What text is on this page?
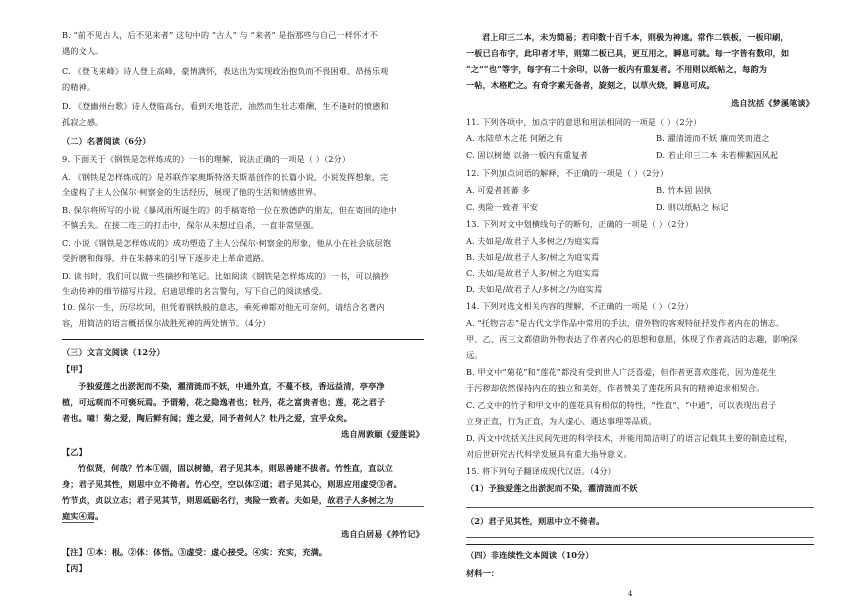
B. “前不见古人，后不见来者” 这句中的 “古人” 与 “来者” 是指那些与自己一样怀才不
遇的文人。
C. 《登飞来峰》诗人登上高峰，豪情满怀，表达出为实现政治抱负而不畏困难、昂扬乐观
的精神。
D. 《登幽州台歌》诗人登临高台，看到天地苍茫，油然而生壮志难酬，生不逢时的愤懑和
孤寂之感。
（二）名著阅读（6分）
9. 下面关于《钢铁是怎样炼成的》一书的理解，说法正确的一项是（ ）（2分）
A. 《钢铁是怎样炼成的》是苏联作家奥斯特洛夫斯基创作的长篇小说，小说发挥想象，完
全虚构了主人公保尔·柯察金的生活经历，展现了他的生活和情感世界。
B. 保尔将所写的小说《暴风雨所诞生的》的手稿寄给一位在敖德萨的朋友，但在寄回的途中
不慎丢失。在接二连三的打击中，保尔从未想过自杀，一直非常坚强。
C. 小说《钢铁是怎样炼成的》成功塑造了主人公保尔·柯察金的形象，他从小在社会底层饱
受折磨和侮辱，并在朱赫来的引导下逐步走上革命道路。
D. 读书时，我们可以做一些摘抄和笔记。比如阅读《钢铁是怎样炼成的》一书，可以摘抄
生动传神的细节描写片段、启迪思维的名言警句，写下自己的阅读感受。
10. 保尔一生，历尽坎坷，但凭着钢铁般的意志，乘死神都对他无可奈何，请结合名著内
容，用简洁的语言概括保尔战胜死神的两处情节。（4分）
（三）文言文阅读（12分）
【甲】
予独爱莲之出淤泥而不染，濯清涟而不妖，中通外直，不蔓不枝，香远益清，亭亭净
植，可远观而不可亵玩焉。予谓菊，花之隐逸者也；牡丹，花之富贵者也；莲，花之君子
者也。噫！菊之爱，陶后鲜有闻；莲之爱，同予者何人？牡丹之爱，宜乎众矣。
选自周敦颐《爱莲说》
【乙】
竹似贤，何哉？竹本①固，固以树德，君子见其本，则思善建不拔者。竹性直，直以立
身；君子见其性，则思中立不倚者。竹心空，空以体②道；君子见其心，则思应用虚受③者。
竹节贞，贞以立志；君子见其节，则思砥砺名行，夷险一致者。夫如是，故君子人多树之为
庭实④焉。
选自白居易《养竹记》
【注】①本：根。②体：体悟。③虚受：虚心接受。④实：充实，充满。
【丙】
君上印三二本，未为简易；若印数十百千本，则极为神速。常作二铁板，一板印刷，
一板已自布字，此印者才毕，则第二板已具，更互用之，瞬息可就。每一字皆有数印，如
“之”“也”等字，每字有二十余印，以备一板内有重复者。不用则以纸帖之，每韵为
一帖，木格贮之。有奇字素无备者，旋刻之，以草火烧，瞬息可成。
选自沈括《梦溪笔谈》
11. 下列各项中，加点字的意思和用法相同的一项是（ ）（2分）
A. 水陆草木之花 何陋之有	B. 濯清涟而不妖 廉而笑而道之
C. 固以树德 以备一板内有重复者	D. 若止印三二本 未若柳絮因风起
12. 下列加点词语的解释，不正确的一项是（ ）（2分）
A. 可爱者甚蕃 多	B. 竹本固 固执
C. 夷险一致者 平安	D. 则以纸帖之 标记
13. 下列对文中划横线句子的断句，正确的一项是（ ）（2分）
A. 夫如是/故君子人多树之/为庭实焉
B. 夫如是/故君子人多/树之为庭实焉
C. 夫如/是故君子人多/树之为庭实焉
D. 夫如是/故君子人/多树之/为庭实焉
14. 下列对选文相关内容的理解，不正确的一项是（ ）（2分）
A. “托物言志”是古代文学作品中常用的手法，借外物的客观特征抒发作者内在的情志。
甲、乙、丙三文都借助外物表达了作者内心的思想和意愿，体现了作者高洁的志趣，影响深
远。
B. 甲文中“菊花”和“莲花”都没有受到世人广泛喜爱，但作者更喜欢莲花，因为莲花生
于污秽却依然保持内在的独立和美好，作者赞美了莲花所具有的精神追求相契合。
C. 乙文中的竹子和甲文中的莲花具有相似的特性，“性直”、“中通”，可以表现出君子
立身正直，行为正直，为人虚心、遇达事理等品质。
D. 丙文中沈括关注民间先进的科学技术，并能用简洁明了的语言记载其主要的制造过程，
对后世研究古代科学发展具有重大指导意义。
15. 将下列句子翻译成现代汉语。（4分）
（1）予独爱莲之出淤泥而不染，濯清涟而不妖
（2）君子见其性，则思中立不倚者。
（四）非连续性文本阅读（10分）
材料一：
4
